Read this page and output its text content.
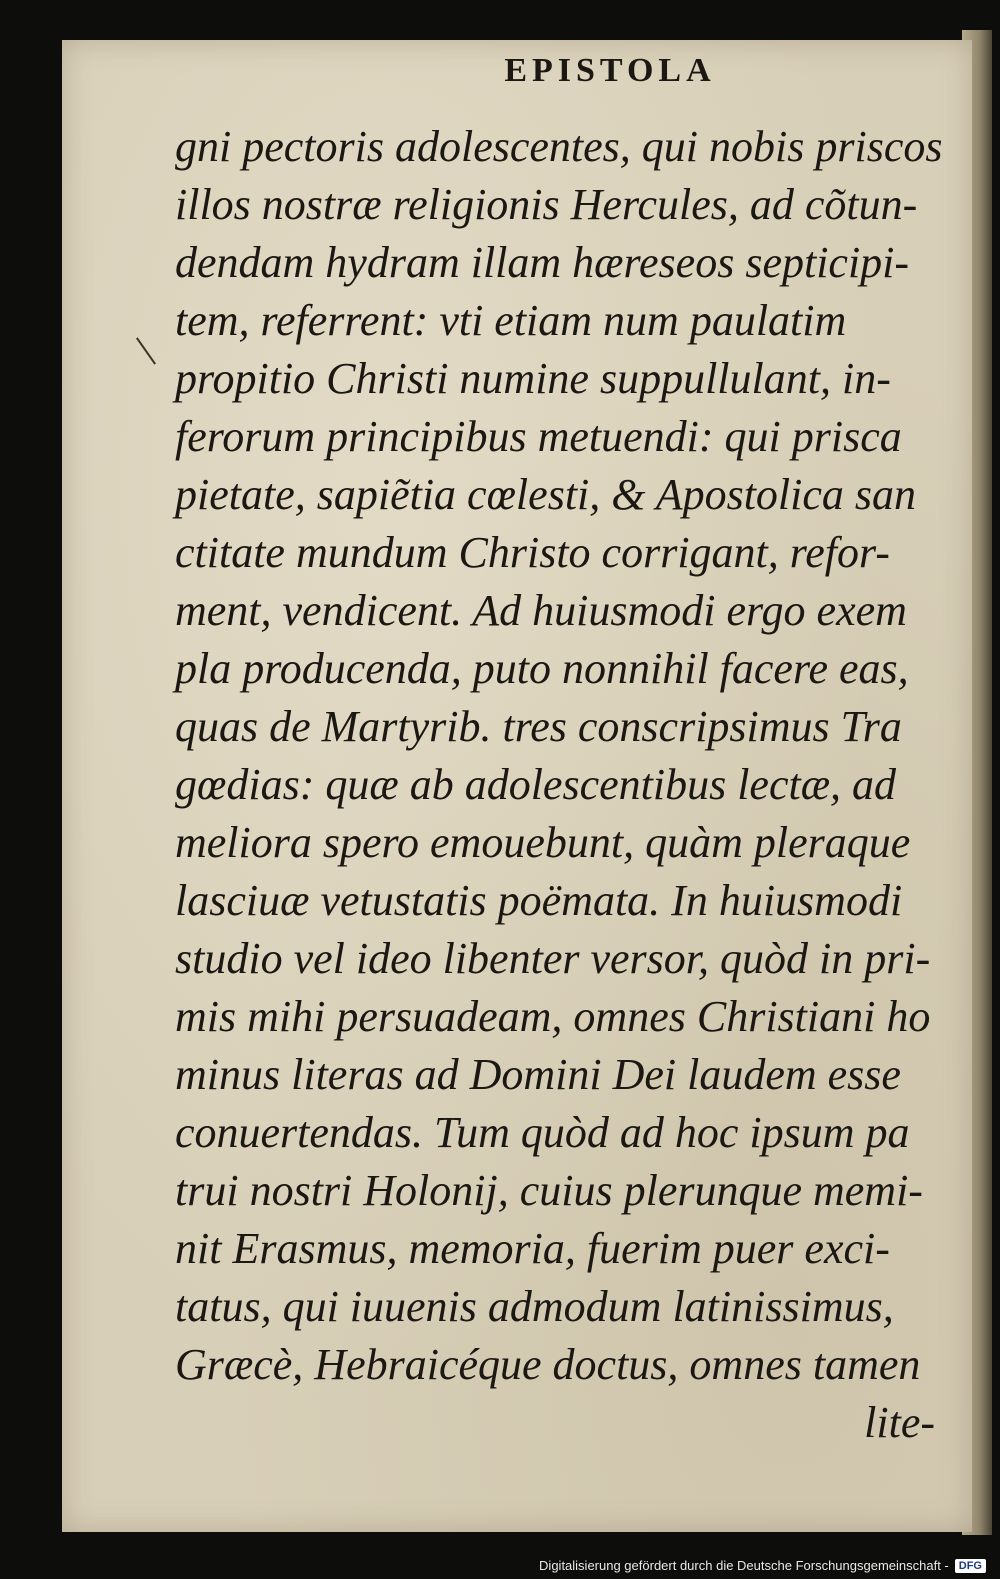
EPISTOLA
gni pectoris adolescentes, qui nobis priscos
illos nostræ religionis Hercules, ad cõtun-
dendam hydram illam hæreseos septicipi-
tem, referrent: vti etiam num paulatim
propitio Christi numine suppullulant, in-
ferorum principibus metuendi: qui prisca
pietate, sapiẽtia cœlesti, & Apostolica san
ctitate mundum Christo corrigant, refor-
ment, vendicent. Ad huiusmodi ergo exem
pla producenda, puto nonnihil facere eas,
quas de Martyrib. tres conscripsimus Tra
gœdias: quæ ab adolescentibus lectæ, ad
meliora spero emouebunt, quàm pleraque
lasciuæ vetustatis poëmata. In huiusmodi
studio vel ideo libenter versor, quòd in pri-
mis mihi persuadeam, omnes Christiani ho
minus literas ad Domini Dei laudem esse
conuertendas. Tum quòd ad hoc ipsum pa
trui nostri Holonij, cuius plerunque memi-
nit Erasmus, memoria, fuerim puer exci-
tatus, qui iuuenis admodum latinissimus,
Græcè, Hebraicéque doctus, omnes tamen
lite-
Digitalisierung gefördert durch die Deutsche Forschungsgemeinschaft - DFG
